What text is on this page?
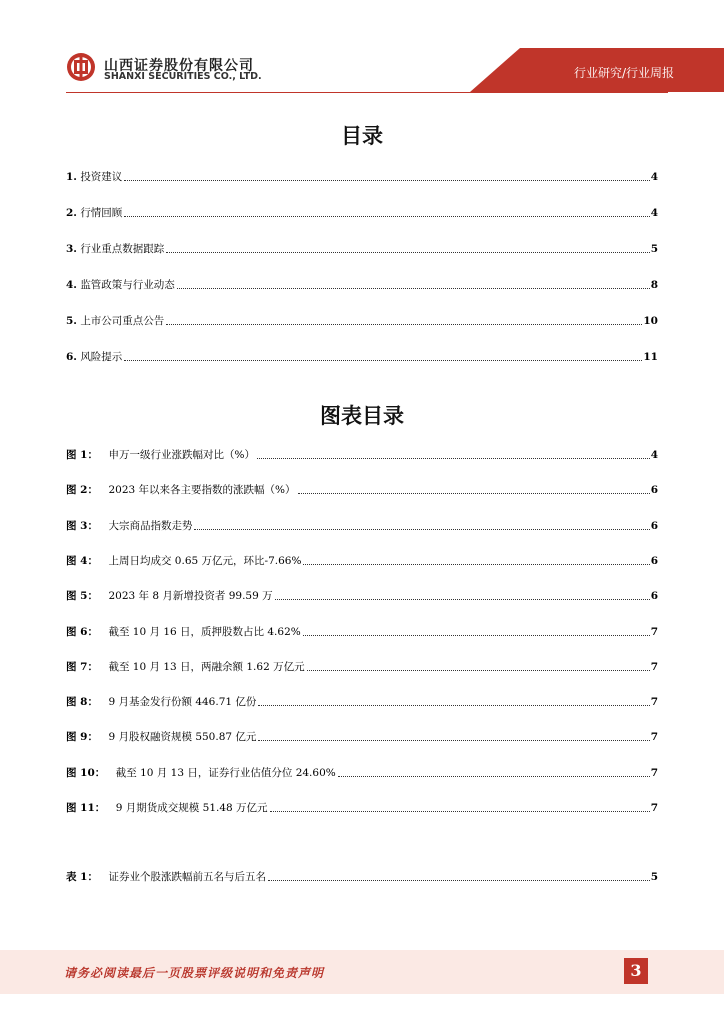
山西证券股份有限公司
SHANXI SECURITIES CO., LTD.	行业研究/行业周报
目录
1. 投资建议	4
2. 行情回顾	4
3. 行业重点数据跟踪	5
4. 监管政策与行业动态	8
5. 上市公司重点公告	10
6. 风险提示	11
图表目录
图 1：  申万一级行业涨跌幅对比（%）	4
图 2：  2023 年以来各主要指数的涨跌幅（%）	6
图 3：  大宗商品指数走势	6
图 4：  上周日均成交 0.65 万亿元，环比-7.66%	6
图 5：  2023 年 8 月新增投资者 99.59 万	6
图 6：  截至 10 月 16 日，质押股数占比 4.62%	7
图 7：  截至 10 月 13 日，两融余额 1.62 万亿元	7
图 8：  9 月基金发行份额 446.71 亿份	7
图 9：  9 月股权融资规模 550.87 亿元	7
图 10：  截至 10 月 13 日，证券行业估值分位 24.60%	7
图 11：  9 月期货成交规模 51.48 万亿元	7
表 1：  证券业个股涨跌幅前五名与后五名	5
请务必阅读最后一页股票评级说明和免责声明	3
